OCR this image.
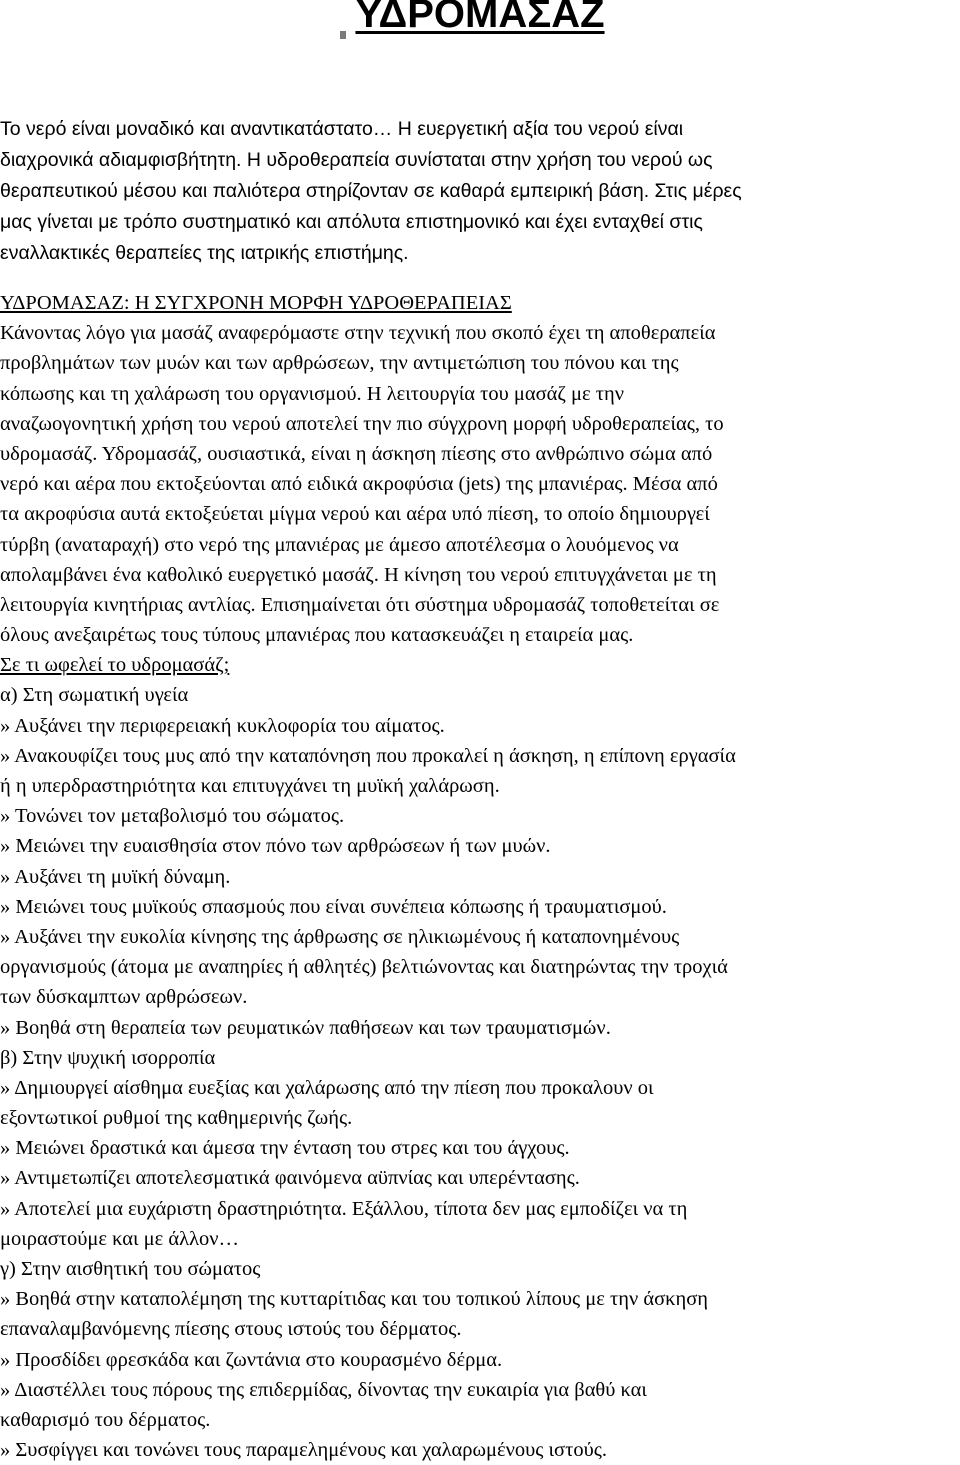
ΥΔΡΟΜΑΣΑΖ

Το νερό είναι μοναδικό και αναντικατάστατο… Η ευεργετική αξία του νερού είναι
διαχρονικά αδιαμφισβήτητη. Η υδροθεραπεία συνίσταται στην χρήση του νερού ως
θεραπευτικού μέσου και παλιότερα στηρίζονταν σε καθαρά εμπειρική βάση. Στις μέρες
μας γίνεται με τρόπο συστηματικό και απόλυτα επιστημονικό και έχει ενταχθεί στις
εναλλακτικές θεραπείες της ιατρικής επιστήμης.

ΥΔΡΟΜΑΣΑΖ: Η ΣΥΓΧΡΟΝΗ ΜΟΡΦΗ ΥΔΡΟΘΕΡΑΠΕΙΑΣ
Κάνοντας λόγο για μασάζ αναφερόμαστε στην τεχνική που σκοπό έχει τη αποθεραπεία
προβλημάτων των μυών και των αρθρώσεων, την αντιμετώπιση του πόνου και της
κόπωσης και τη χαλάρωση του οργανισμού. Η λειτουργία του μασάζ με την
αναζωογονητική χρήση του νερού αποτελεί την πιο σύγχρονη μορφή υδροθεραπείας, το
υδρομασάζ. Υδρομασάζ, ουσιαστικά, είναι η άσκηση πίεσης στο ανθρώπινο σώμα από
νερό και αέρα που εκτοξεύονται από ειδικά ακροφύσια (jets) της μπανιέρας. Μέσα από
τα ακροφύσια αυτά εκτοξεύεται μίγμα νερού και αέρα υπό πίεση, το οποίο δημιουργεί
τύρβη (αναταραχή) στο νερό της μπανιέρας με άμεσο αποτέλεσμα ο λουόμενος να
απολαμβάνει ένα καθολικό ευεργετικό μασάζ. Η κίνηση του νερού επιτυγχάνεται με τη
λειτουργία κινητήριας αντλίας. Επισημαίνεται ότι σύστημα υδρομασάζ τοποθετείται σε
όλους ανεξαιρέτως τους τύπους μπανιέρας που κατασκευάζει η εταιρεία μας.
Σε τι ωφελεί το υδρομασάζ;
α) Στη σωματική υγεία
» Αυξάνει την περιφερειακή κυκλοφορία του αίματος.
» Ανακουφίζει τους μυς από την καταπόνηση που προκαλεί η άσκηση, η επίπονη εργασία
ή η υπερδραστηριότητα και επιτυγχάνει τη μυϊκή χαλάρωση.
» Τονώνει τον μεταβολισμό του σώματος.
» Μειώνει την ευαισθησία στον πόνο των αρθρώσεων ή των μυών.
» Αυξάνει τη μυϊκή δύναμη.
» Μειώνει τους μυϊκούς σπασμούς που είναι συνέπεια κόπωσης ή τραυματισμού.
» Αυξάνει την ευκολία κίνησης της άρθρωσης σε ηλικιωμένους ή καταπονημένους
οργανισμούς (άτομα με αναπηρίες ή αθλητές) βελτιώνοντας και διατηρώντας την τροχιά
των δύσκαμπτων αρθρώσεων.
» Βοηθά στη θεραπεία των ρευματικών παθήσεων και των τραυματισμών.
β) Στην ψυχική ισορροπία
» Δημιουργεί αίσθημα ευεξίας και χαλάρωσης από την πίεση που προκαλουν οι
εξοντωτικοί ρυθμοί της καθημερινής ζωής.
» Μειώνει δραστικά και άμεσα την ένταση του στρες και του άγχους.
» Αντιμετωπίζει αποτελεσματικά φαινόμενα αϋπνίας και υπερέντασης.
» Αποτελεί μια ευχάριστη δραστηριότητα. Εξάλλου, τίποτα δεν μας εμποδίζει να τη
μοιραστούμε και με άλλον…
γ) Στην αισθητική του σώματος
» Βοηθά στην καταπολέμηση της κυτταρίτιδας και του τοπικού λίπους με την άσκηση
επαναλαμβανόμενης πίεσης στους ιστούς του δέρματος.
» Προσδίδει φρεσκάδα και ζωντάνια στο κουρασμένο δέρμα.
» Διαστέλλει τους πόρους της επιδερμίδας, δίνοντας την ευκαιρία για βαθύ και
καθαρισμό του δέρματος.
» Συσφίγγει και τονώνει τους παραμελημένους και χαλαρωμένους ιστούς.
